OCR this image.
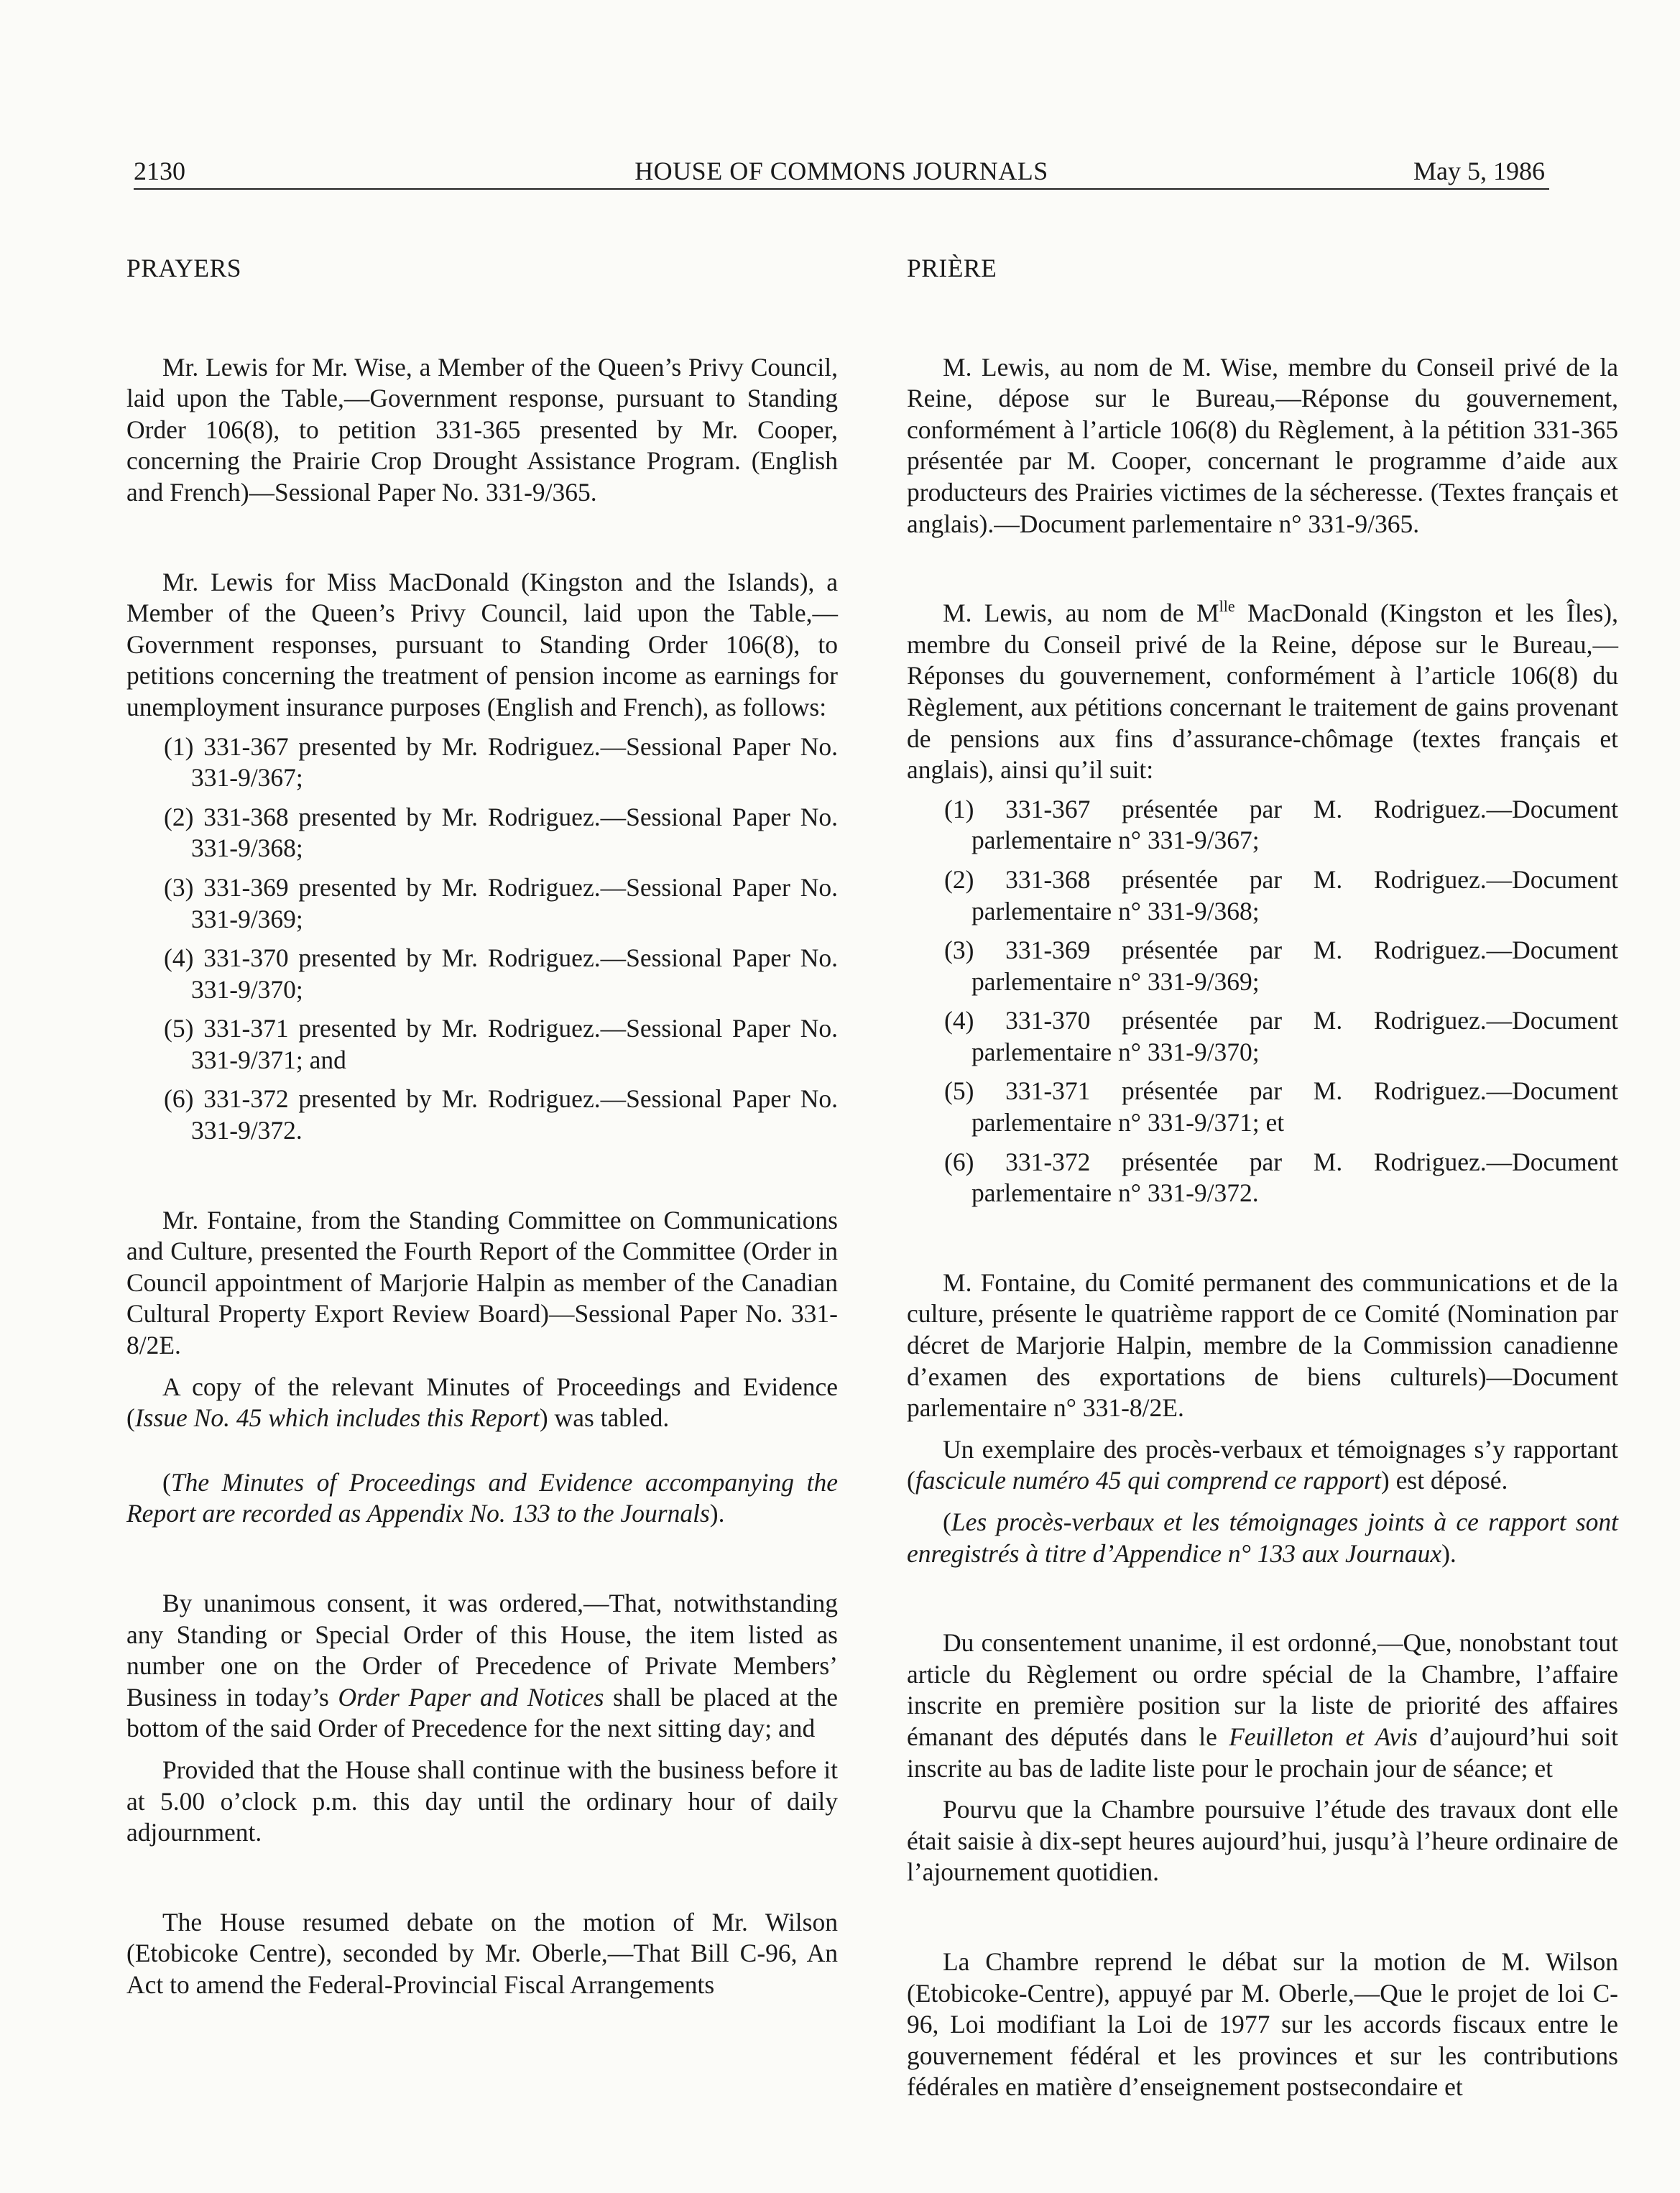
2130	HOUSE OF COMMONS JOURNALS	May 5, 1986

PRAYERS

Mr. Lewis for Mr. Wise, a Member of the Queen’s Privy Council, laid upon the Table,—Government response, pursuant to Standing Order 106(8), to petition 331-365 presented by Mr. Cooper, concerning the Prairie Crop Drought Assistance Program. (English and French)—Sessional Paper No. 331-9/365.

Mr. Lewis for Miss MacDonald (Kingston and the Islands), a Member of the Queen’s Privy Council, laid upon the Table,—Government responses, pursuant to Standing Order 106(8), to petitions concerning the treatment of pension income as earnings for unemployment insurance purposes (English and French), as follows:

(1) 331-367 presented by Mr. Rodriguez.—Sessional Paper No. 331-9/367;

(2) 331-368 presented by Mr. Rodriguez.—Sessional Paper No. 331-9/368;

(3) 331-369 presented by Mr. Rodriguez.—Sessional Paper No. 331-9/369;

(4) 331-370 presented by Mr. Rodriguez.—Sessional Paper No. 331-9/370;

(5) 331-371 presented by Mr. Rodriguez.—Sessional Paper No. 331-9/371; and

(6) 331-372 presented by Mr. Rodriguez.—Sessional Paper No. 331-9/372.

Mr. Fontaine, from the Standing Committee on Communications and Culture, presented the Fourth Report of the Committee (Order in Council appointment of Marjorie Halpin as member of the Canadian Cultural Property Export Review Board)—Sessional Paper No. 331-8/2E.

A copy of the relevant Minutes of Proceedings and Evidence (Issue No. 45 which includes this Report) was tabled.

(The Minutes of Proceedings and Evidence accompanying the Report are recorded as Appendix No. 133 to the Journals).

By unanimous consent, it was ordered,—That, notwithstanding any Standing or Special Order of this House, the item listed as number one on the Order of Precedence of Private Members’ Business in today’s Order Paper and Notices shall be placed at the bottom of the said Order of Precedence for the next sitting day; and

Provided that the House shall continue with the business before it at 5.00 o’clock p.m. this day until the ordinary hour of daily adjournment.

The House resumed debate on the motion of Mr. Wilson (Etobicoke Centre), seconded by Mr. Oberle,—That Bill C-96, An Act to amend the Federal-Provincial Fiscal Arrangements

PRIÈRE

M. Lewis, au nom de M. Wise, membre du Conseil privé de la Reine, dépose sur le Bureau,—Réponse du gouvernement, conformément à l’article 106(8) du Règlement, à la pétition 331-365 présentée par M. Cooper, concernant le programme d’aide aux producteurs des Prairies victimes de la sécheresse. (Textes français et anglais).—Document parlementaire n° 331-9/365.

M. Lewis, au nom de $M^{lle}$ MacDonald (Kingston et les Îles), membre du Conseil privé de la Reine, dépose sur le Bureau,—Réponses du gouvernement, conformément à l’article 106(8) du Règlement, aux pétitions concernant le traitement de gains provenant de pensions aux fins d’assurance-chômage (textes français et anglais), ainsi qu’il suit:

(1) 331-367 présentée par M. Rodriguez.—Document parlementaire n° 331-9/367;

(2) 331-368 présentée par M. Rodriguez.—Document parlementaire n° 331-9/368;

(3) 331-369 présentée par M. Rodriguez.—Document parlementaire n° 331-9/369;

(4) 331-370 présentée par M. Rodriguez.—Document parlementaire n° 331-9/370;

(5) 331-371 présentée par M. Rodriguez.—Document parlementaire n° 331-9/371; et

(6) 331-372 présentée par M. Rodriguez.—Document parlementaire n° 331-9/372.

M. Fontaine, du Comité permanent des communications et de la culture, présente le quatrième rapport de ce Comité (Nomination par décret de Marjorie Halpin, membre de la Commission canadienne d’examen des exportations de biens culturels)—Document parlementaire n° 331-8/2E.

Un exemplaire des procès-verbaux et témoignages s’y rapportant (fascicule numéro 45 qui comprend ce rapport) est déposé.

(Les procès-verbaux et les témoignages joints à ce rapport sont enregistrés à titre d’Appendice n° 133 aux Journaux).

Du consentement unanime, il est ordonné,—Que, nonobstant tout article du Règlement ou ordre spécial de la Chambre, l’affaire inscrite en première position sur la liste de priorité des affaires émanant des députés dans le Feuilleton et Avis d’aujourd’hui soit inscrite au bas de ladite liste pour le prochain jour de séance; et

Pourvu que la Chambre poursuive l’étude des travaux dont elle était saisie à dix-sept heures aujourd’hui, jusqu’à l’heure ordinaire de l’ajournement quotidien.

La Chambre reprend le débat sur la motion de M. Wilson (Etobicoke-Centre), appuyé par M. Oberle,—Que le projet de loi C-96, Loi modifiant la Loi de 1977 sur les accords fiscaux entre le gouvernement fédéral et les provinces et sur les contributions fédérales en matière d’enseignement postsecondaire et
